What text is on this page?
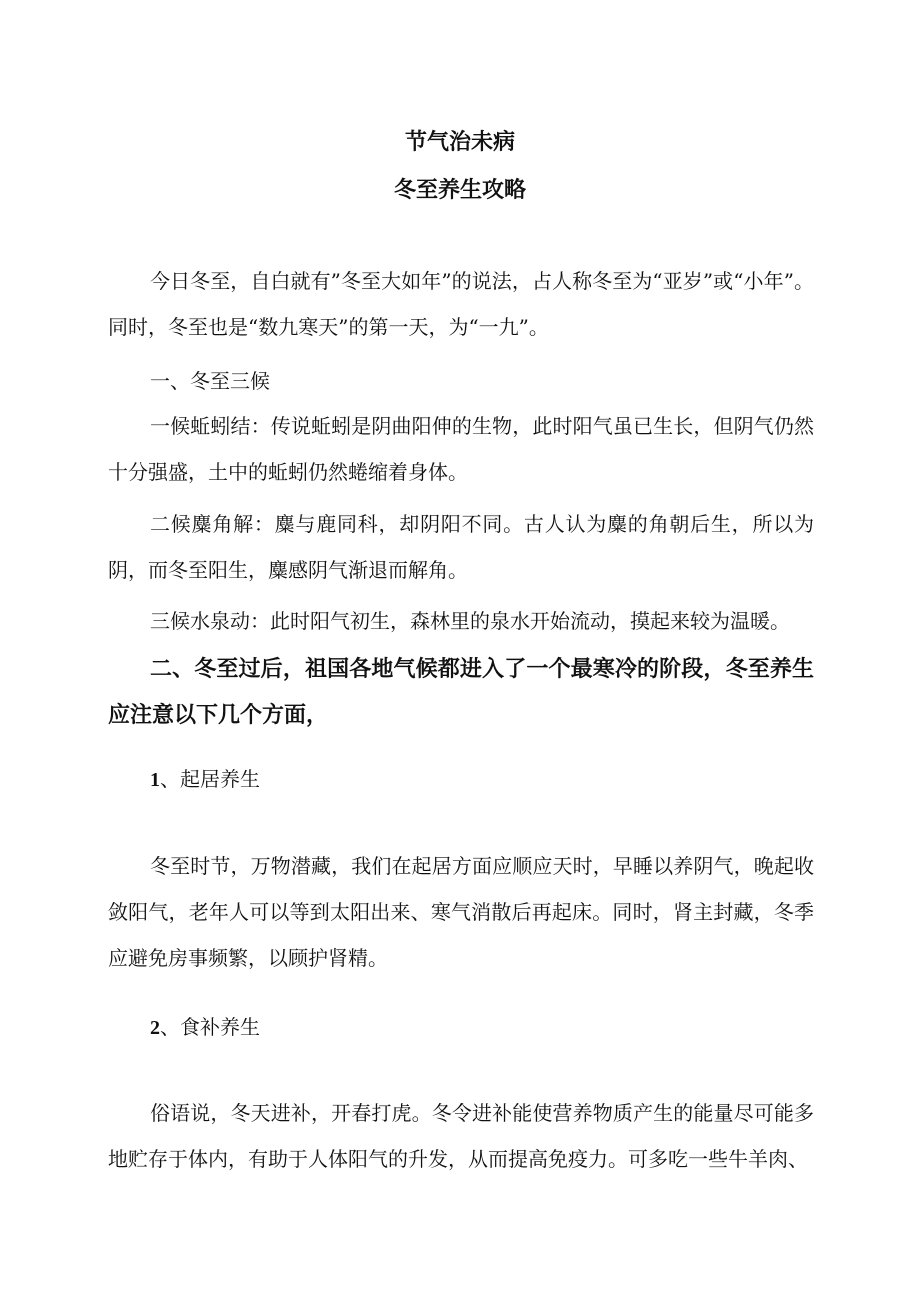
节气治未病
冬至养生攻略

今日冬至，自白就有”冬至大如年”的说法，占人称冬至为“亚岁”或“小年”。同时，冬至也是“数九寒天”的第一天，为“一九”。

一、冬至三候

一候蚯蚓结：传说蚯蚓是阴曲阳伸的生物，此时阳气虽已生长，但阴气仍然十分强盛，土中的蚯蚓仍然蜷缩着身体。

二候麋角解：麋与鹿同科，却阴阳不同。古人认为麋的角朝后生，所以为阴，而冬至阳生，麋感阴气渐退而解角。

三候水泉动：此时阳气初生，森林里的泉水开始流动，摸起来较为温暖。

二、冬至过后，祖国各地气候都进入了一个最寒冷的阶段，冬至养生应注意以下几个方面，
1、起居养生

冬至时节，万物潜藏，我们在起居方面应顺应天时，早睡以养阴气，晚起收敛阳气，老年人可以等到太阳出来、寒气消散后再起床。同时，肾主封藏，冬季应避免房事频繁，以顾护肾精。

2、食补养生

俗语说，冬天进补，开春打虎。冬令进补能使营养物质产生的能量尽可能多地贮存于体内，有助于人体阳气的升发，从而提高免疫力。可多吃一些牛羊肉、
